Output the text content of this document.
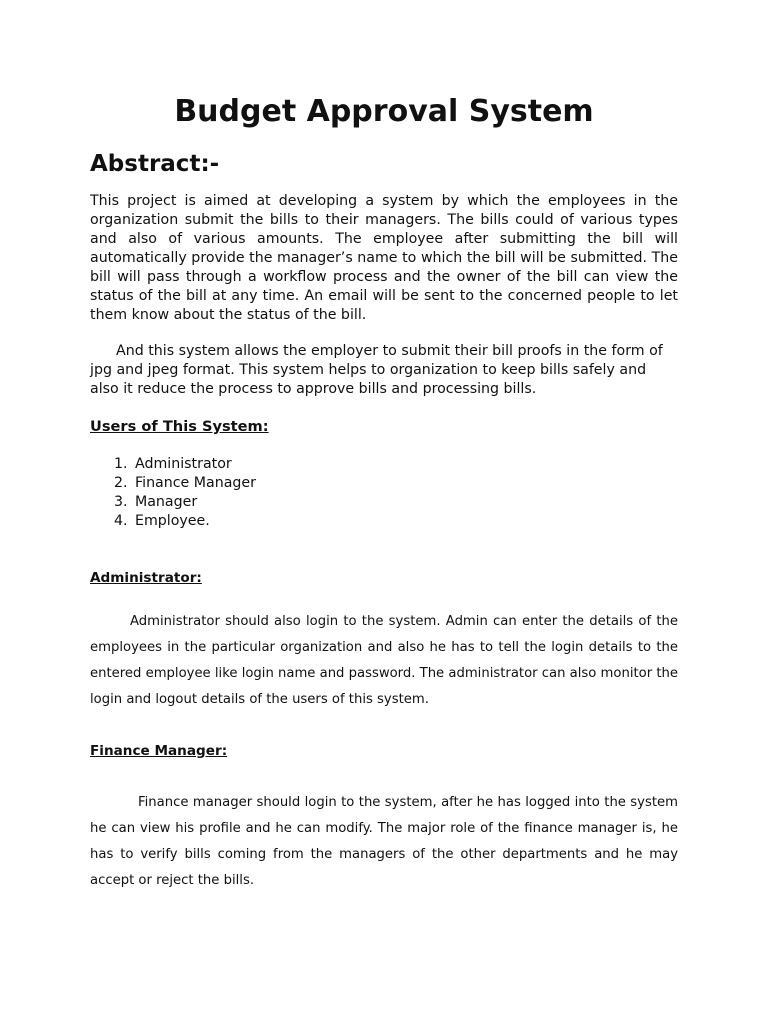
Budget Approval System
Abstract:-

This project is aimed at developing a system by which the employees in the organization submit the bills to their managers. The bills could of various types and also of various amounts. The employee after submitting the bill will automatically provide the manager’s name to which the bill will be submitted. The bill will pass through a workflow process and the owner of the bill can view the status of the bill at any time. An email will be sent to the concerned people to let them know about the status of the bill.

And this system allows the employer to submit their bill proofs in the form of jpg and jpeg format. This system helps to organization to keep bills safely and also it reduce the process to approve bills and processing bills.

Users of This System:
1. Administrator
2. Finance Manager
3. Manager
4. Employee.
Administrator:

Administrator should also login to the system. Admin can enter the details of the employees in the particular organization and also he has to tell the login details to the entered employee like login name and password. The administrator can also monitor the login and logout details of the users of this system.

Finance Manager:

Finance manager should login to the system, after he has logged into the system he can view his profile and he can modify. The major role of the finance manager is, he has to verify bills coming from the managers of the other departments and he may accept or reject the bills.
